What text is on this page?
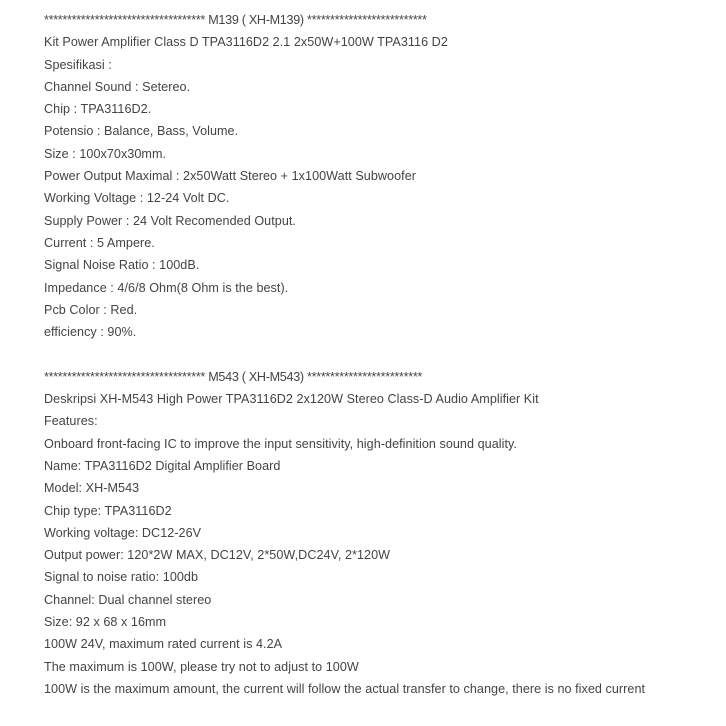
*********************************** M139 ( XH-M139) **************************
Kit Power Amplifier Class D TPA3116D2 2.1 2x50W+100W TPA3116 D2
Spesifikasi :
Channel Sound : Setereo.
Chip : TPA3116D2.
Potensio : Balance, Bass, Volume.
Size : 100x70x30mm.
Power Output Maximal : 2x50Watt Stereo + 1x100Watt Subwoofer
Working Voltage : 12-24 Volt DC.
Supply Power : 24 Volt Recomended Output.
Current : 5 Ampere.
Signal Noise Ratio : 100dB.
Impedance : 4/6/8 Ohm(8 Ohm is the best).
Pcb Color : Red.
efficiency : 90%.
*********************************** M543 ( XH-M543) *************************
Deskripsi XH-M543 High Power TPA3116D2 2x120W Stereo Class-D Audio Amplifier Kit
Features:
Onboard front-facing IC to improve the input sensitivity, high-definition sound quality.
Name: TPA3116D2 Digital Amplifier Board
Model: XH-M543
Chip type: TPA3116D2
Working voltage: DC12-26V
Output power: 120*2W MAX, DC12V, 2*50W,DC24V, 2*120W
Signal to noise ratio: 100db
Channel: Dual channel stereo
Size: 92 x 68 x 16mm
100W 24V, maximum rated current is 4.2A
The maximum is 100W, please try not to adjust to 100W
100W is the maximum amount, the current will follow the actual transfer to change, there is no fixed current
